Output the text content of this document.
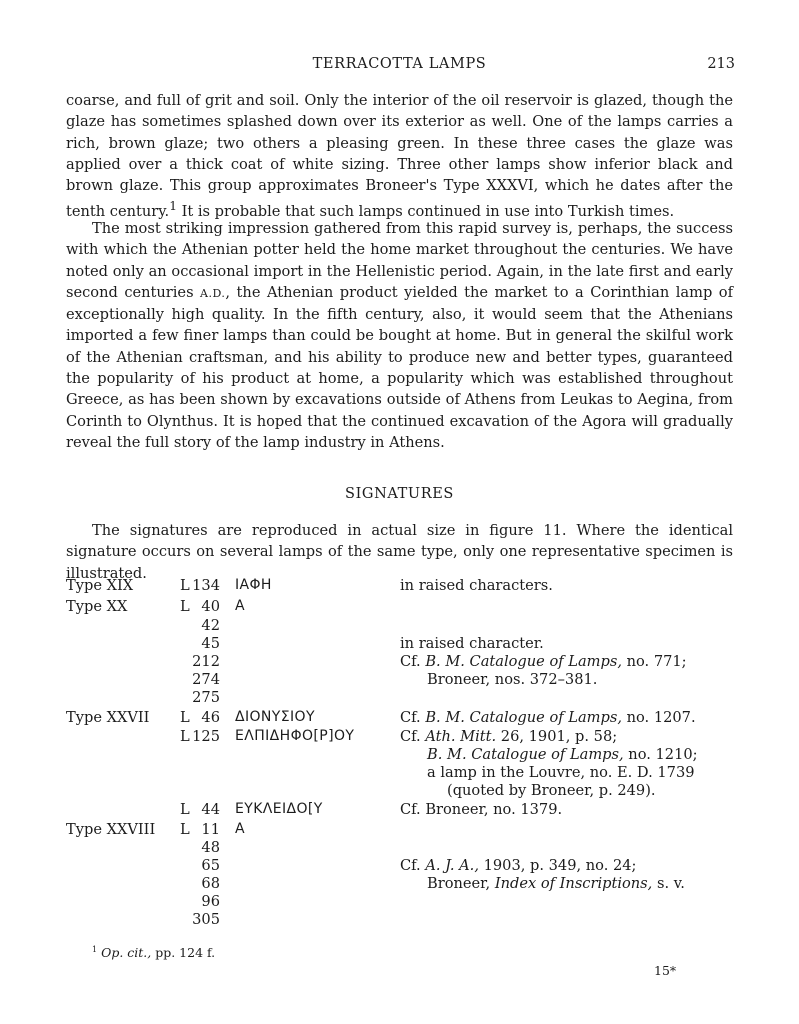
TERRACOTTA LAMPS	213

coarse, and full of grit and soil. Only the interior of the oil reservoir is glazed, though the glaze has sometimes splashed down over its exterior as well. One of the lamps carries a rich, brown glaze; two others a pleasing green. In these three cases the glaze was applied over a thick coat of white sizing. Three other lamps show inferior black and brown glaze. This group approximates Broneer's Type XXXVI, which he dates after the tenth century.$^1$ It is probable that such lamps continued in use into Turkish times.

The most striking impression gathered from this rapid survey is, perhaps, the success with which the Athenian potter held the home market throughout the centuries. We have noted only an occasional import in the Hellenistic period. Again, in the late first and early second centuries A.D., the Athenian product yielded the market to a Corinthian lamp of exceptionally high quality. In the fifth century, also, it would seem that the Athenians imported a few finer lamps than could be bought at home. But in general the skilful work of the Athenian craftsman, and his ability to produce new and better types, guaranteed the popularity of his product at home, a popularity which was established throughout Greece, as has been shown by excavations outside of Athens from Leukas to Aegina, from Corinth to Olynthus. It is hoped that the continued excavation of the Agora will gradually reveal the full story of the lamp industry in Athens.

SIGNATURES

The signatures are reproduced in actual size in figure 11. Where the identical signature occurs on several lamps of the same type, only one representative specimen is illustrated.

Type XIX	L 134 ΙΑΦΗ	in raised characters.
Type XX	L 40 Α
42
45	in raised character.
212	Cf. B. M. Catalogue of Lamps, no. 771;
274	Broneer, nos. 372–381.
275
Type XXVII L 46 ΔΙΟΝΥΣΙΟΥ	Cf. B. M. Catalogue of Lamps, no. 1207.
L 125 ΕΛΠΙΔΗΦΟ[Ρ]ΟΥ	Cf. Ath. Mitt. 26, 1901, p. 58;
B. M. Catalogue of Lamps, no. 1210;
a lamp in the Louvre, no. E. D. 1739
(quoted by Broneer, p. 249).
L 44 ΕΥΚΛΕΙΔΟ[Υ	Cf. Broneer, no. 1379.
Type XXVIII L 11 Α
48
65	Cf. A. J. A., 1903, p. 349, no. 24;
68	Broneer, Index of Inscriptions, s. v.
96
305
$^1$ Op. cit., pp. 124 f.
15*
